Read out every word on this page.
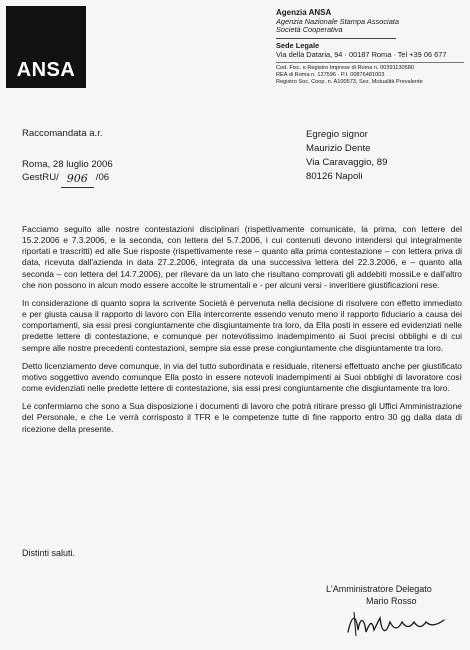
ANSA
Agenzia ANSA
Agenzia Nazionale Stampa Associata
Società Cooperativa
Sede Legale
Via della Dataria, 94 · 00187 Roma · Tel +39 06 677
Cod. Fisc. e Registro Imprese di Roma n. 00391130580
REA di Roma n. 127596 · P.I. 00876481003
Registro Soc. Coop. n. A100573, Sez. Mutualità Prevalente
Raccomandata a.r.
Roma, 28 luglio 2006
GestRU/ 906 /06
Egregio signor
Maurizio Dente
Via Caravaggio, 89
80126 Napoli

Facciamo seguito alle nostre contestazioni disciplinari (rispettivamente comunicate, la prima, con lettere del 15.2.2006 e 7.3.2006, e la seconda, con lettera del 5.7.2006, i cui contenuti devono intendersi qui integralmente riportati e trascritti) ed alle Sue risposte (rispettivamente rese – quanto alla prima contestazione – con lettera priva di data, ricevuta dall'azienda in data 27.2.2006, integrata da una successiva lettera del 22.3.2006, e – quanto alla seconda – con lettera del 14.7.2006), per rilevare da un lato che risultano comprovati gli addebiti mossiLe e dall'altro che non possono in alcun modo essere accolte le strumentali e - per alcuni versi - inveritiere giustificazioni rese.

In considerazione di quanto sopra la scrivente Società è pervenuta nella decisione di risolvere con effetto immediato e per giusta causa il rapporto di lavoro con Ella intercorrente essendo venuto meno il rapporto fiduciario a causa dei comportamenti, sia essi presi congiuntamente che disgiuntamente tra loro, da Ella posti in essere ed evidenziati nelle predette lettere di contestazione, e comunque per notevolissimo inadempimento ai Suoi precisi obblighi e di cui sempre alle nostre precedenti contestazioni, sempre sia esse prese congiuntamente che disgiuntamente tra loro.

Detto licenziamento deve comunque, in via del tutto subordinata e residuale, ritenersi effettuato anche per giustificato motivo soggettivo avendo comunque Ella posto in essere notevoli inadempimenti ai Suoi obblighi di lavoratore così come evidenziati nelle predette lettere di contestazione, sia essi presi congiuntamente che disgiuntamente tra loro.

Le confermiamo che sono a Sua disposizione i documenti di lavoro che potrà ritirare presso gli Uffici Amministrazione del Personale, e che Le verrà corrisposto il TFR e le competenze tutte di fine rapporto entro 30 gg dalla data di ricezione della presente.

Distinti saluti.
L'Amministratore Delegato
Mario Rosso
